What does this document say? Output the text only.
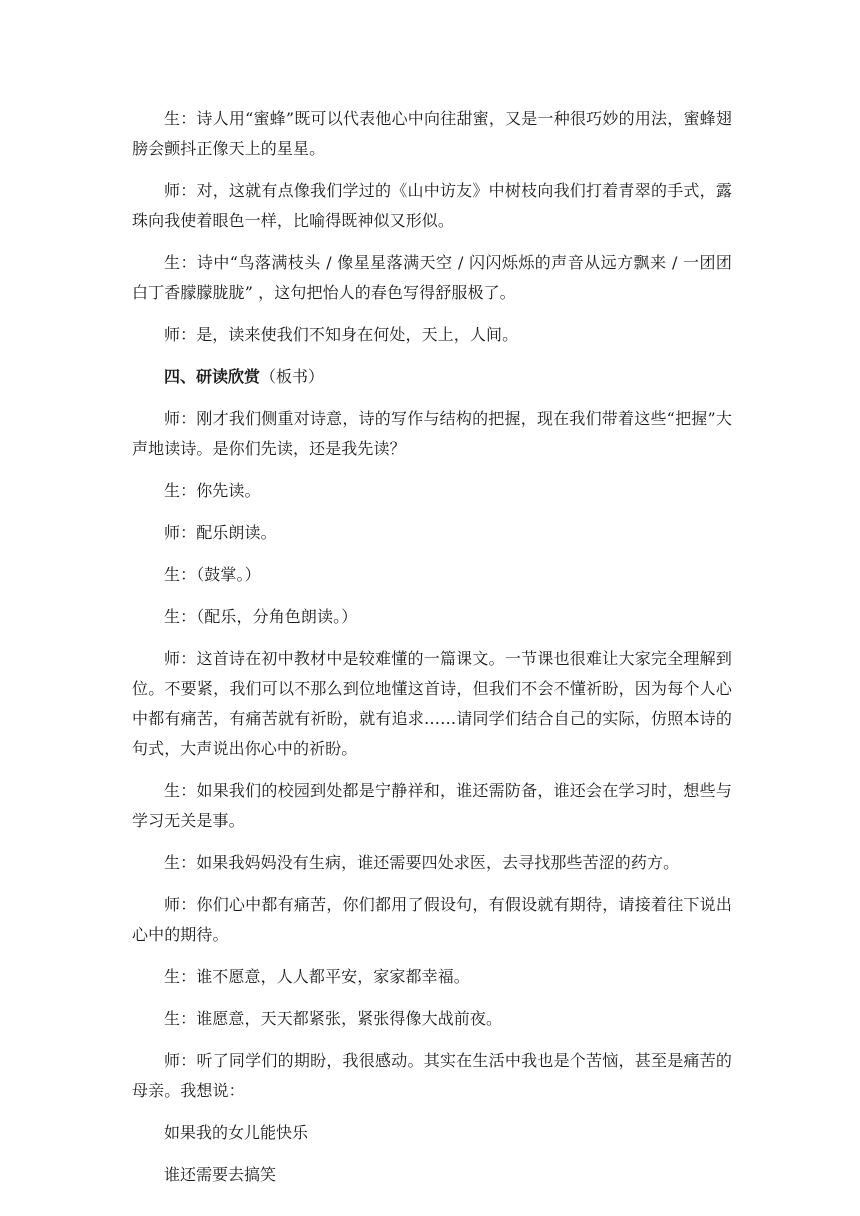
生：诗人用“蜜蜂”既可以代表他心中向往甜蜜，又是一种很巧妙的用法，蜜蜂翅膀会颤抖正像天上的星星。

师：对，这就有点像我们学过的《山中访友》中树枝向我们打着青翠的手式，露珠向我使着眼色一样，比喻得既神似又形似。

生：诗中“鸟落满枝头 / 像星星落满天空 / 闪闪烁烁的声音从远方飘来 / 一团团白丁香朦朦胧胧” ，这句把怡人的春色写得舒服极了。

师：是，读来使我们不知身在何处，天上，人间。

四、研读欣赏（板书）

师：刚才我们侧重对诗意，诗的写作与结构的把握，现在我们带着这些“把握”大声地读诗。是你们先读，还是我先读？

生：你先读。

师：配乐朗读。

生：（鼓掌。）

生：（配乐，分角色朗读。）

师：这首诗在初中教材中是较难懂的一篇课文。一节课也很难让大家完全理解到位。不要紧，我们可以不那么到位地懂这首诗，但我们不会不懂祈盼，因为每个人心中都有痛苦，有痛苦就有祈盼，就有追求……请同学们结合自己的实际，仿照本诗的句式，大声说出你心中的祈盼。

生：如果我们的校园到处都是宁静祥和，谁还需防备，谁还会在学习时，想些与学习无关是事。

生：如果我妈妈没有生病，谁还需要四处求医，去寻找那些苦涩的药方。

师：你们心中都有痛苦，你们都用了假设句，有假设就有期待，请接着往下说出心中的期待。

生：谁不愿意，人人都平安，家家都幸福。

生：谁愿意，天天都紧张，紧张得像大战前夜。

师：听了同学们的期盼，我很感动。其实在生活中我也是个苦恼，甚至是痛苦的母亲。我想说：

如果我的女儿能快乐

谁还需要去搞笑
